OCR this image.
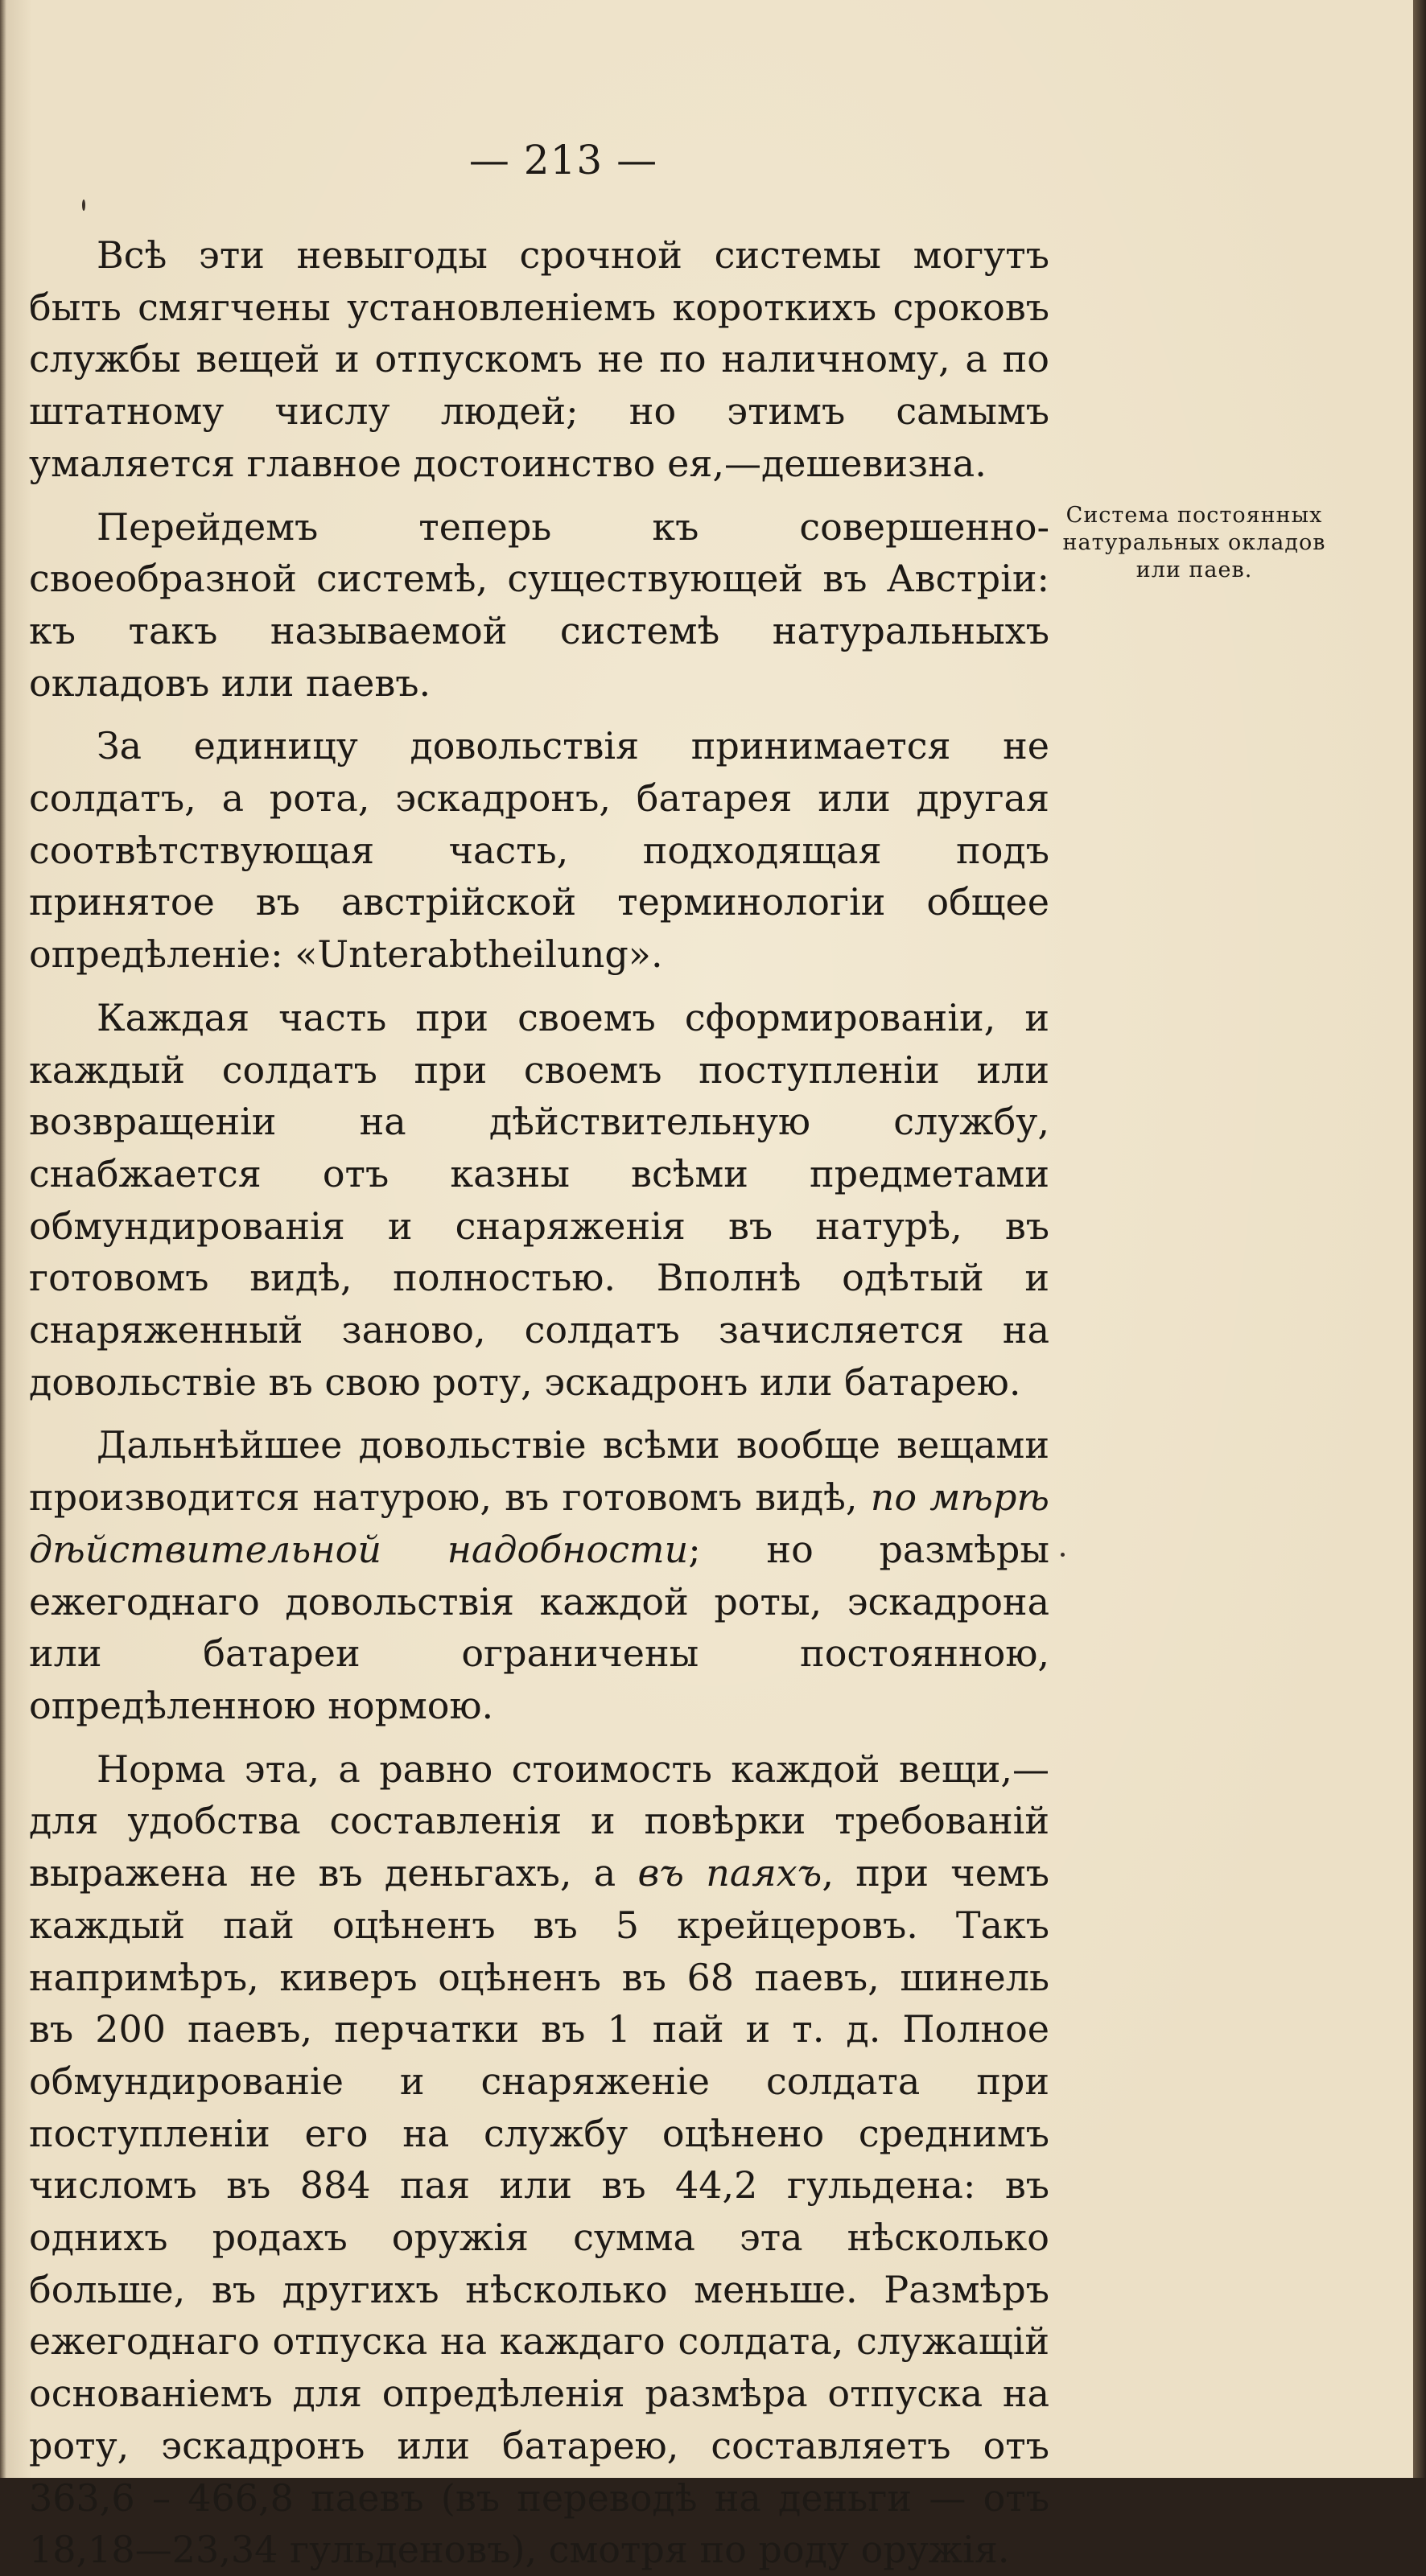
— 213 —
Система постоянных натуральных окладов или паев.

Всѣ эти невыгоды срочной системы могутъ быть смягчены установленіемъ короткихъ сроковъ службы вещей и отпускомъ не по наличному, а по штатному числу людей; но этимъ самымъ умаляется главное достоинство ея,—дешевизна.

Перейдемъ теперь къ совершенно-своеобразной системѣ, существующей въ Австріи: къ такъ называемой системѣ натуральныхъ окладовъ или паевъ.

За единицу довольствія принимается не солдатъ, а рота, эскадронъ, батарея или другая соотвѣтствующая часть, подходящая подъ принятое въ австрійской терминологіи общее опредѣленіе: «Unterabtheilung».

Каждая часть при своемъ сформированіи, и каждый солдатъ при своемъ поступленіи или возвращеніи на дѣйствительную службу, снабжается отъ казны всѣми предметами обмундированія и снаряженія въ натурѣ, въ готовомъ видѣ, полностью. Вполнѣ одѣтый и снаряженный заново, солдатъ зачисляется на довольствіе въ свою роту, эскадронъ или батарею.

Дальнѣйшее довольствіе всѣми вообще вещами производится натурою, въ готовомъ видѣ, по мѣрѣ дѣйствительной надобности; но размѣры ежегоднаго довольствія каждой роты, эскадрона или батареи ограничены постоянною, опредѣленною нормою.

Норма эта, а равно стоимость каждой вещи,—для удобства составленія и повѣрки требованій выражена не въ деньгахъ, а въ паяхъ, при чемъ каждый пай оцѣненъ въ 5 крейцеровъ. Такъ напримѣръ, киверъ оцѣненъ въ 68 паевъ, шинель въ 200 паевъ, перчатки въ 1 пай и т. д. Полное обмундированіе и снаряженіе солдата при поступленіи его на службу оцѣнено среднимъ числомъ въ 884 пая или въ 44,2 гульдена: въ однихъ родахъ оружія сумма эта нѣсколько больше, въ другихъ нѣсколько меньше. Размѣръ ежегоднаго отпуска на каждаго солдата, служащій основаніемъ для опредѣленія размѣра отпуска на роту, эскадронъ или батарею, составляетъ отъ 363,6 – 466,8 паевъ (въ переводѣ на деньги — отъ 18,18—23,34 гульденовъ), смотря по роду оружія.
